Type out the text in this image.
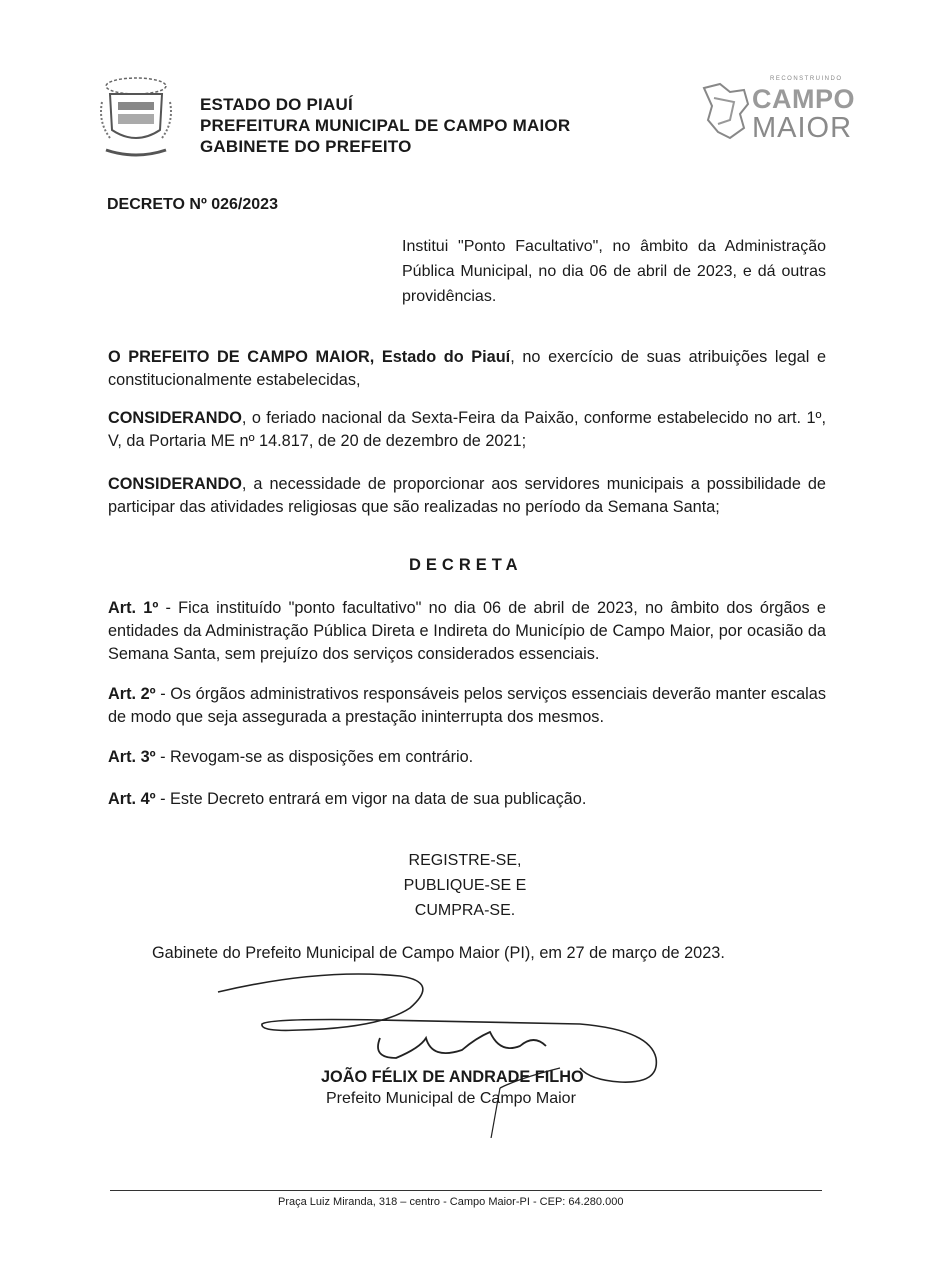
ESTADO DO PIAUÍ
PREFEITURA MUNICIPAL DE CAMPO MAIOR
GABINETE DO PREFEITO
RECONSTRUINDO
CAMPO
MAIOR
DECRETO Nº 026/2023
Institui "Ponto Facultativo", no âmbito da Administração Pública Municipal, no dia 06 de abril de 2023, e dá outras providências.
O PREFEITO DE CAMPO MAIOR, Estado do Piauí, no exercício de suas atribuições legal e constitucionalmente estabelecidas,
CONSIDERANDO, o feriado nacional da Sexta-Feira da Paixão, conforme estabelecido no art. 1º, V, da Portaria ME nº 14.817, de 20 de dezembro de 2021;
CONSIDERANDO, a necessidade de proporcionar aos servidores municipais a possibilidade de participar das atividades religiosas que são realizadas no período da Semana Santa;
DECRETA
Art. 1º - Fica instituído "ponto facultativo" no dia 06 de abril de 2023, no âmbito dos órgãos e entidades da Administração Pública Direta e Indireta do Município de Campo Maior, por ocasião da Semana Santa, sem prejuízo dos serviços considerados essenciais.
Art. 2º - Os órgãos administrativos responsáveis pelos serviços essenciais deverão manter escalas de modo que seja assegurada a prestação ininterrupta dos mesmos.
Art. 3º - Revogam-se as disposições em contrário.
Art. 4º - Este Decreto entrará em vigor na data de sua publicação.
REGISTRE-SE,
PUBLIQUE-SE E
CUMPRA-SE.
Gabinete do Prefeito Municipal de Campo Maior (PI), em 27 de março de 2023.
JOÃO FÉLIX DE ANDRADE FILHO
Prefeito Municipal de Campo Maior
Praça Luiz Miranda, 318 – centro - Campo Maior-PI - CEP: 64.280.000
